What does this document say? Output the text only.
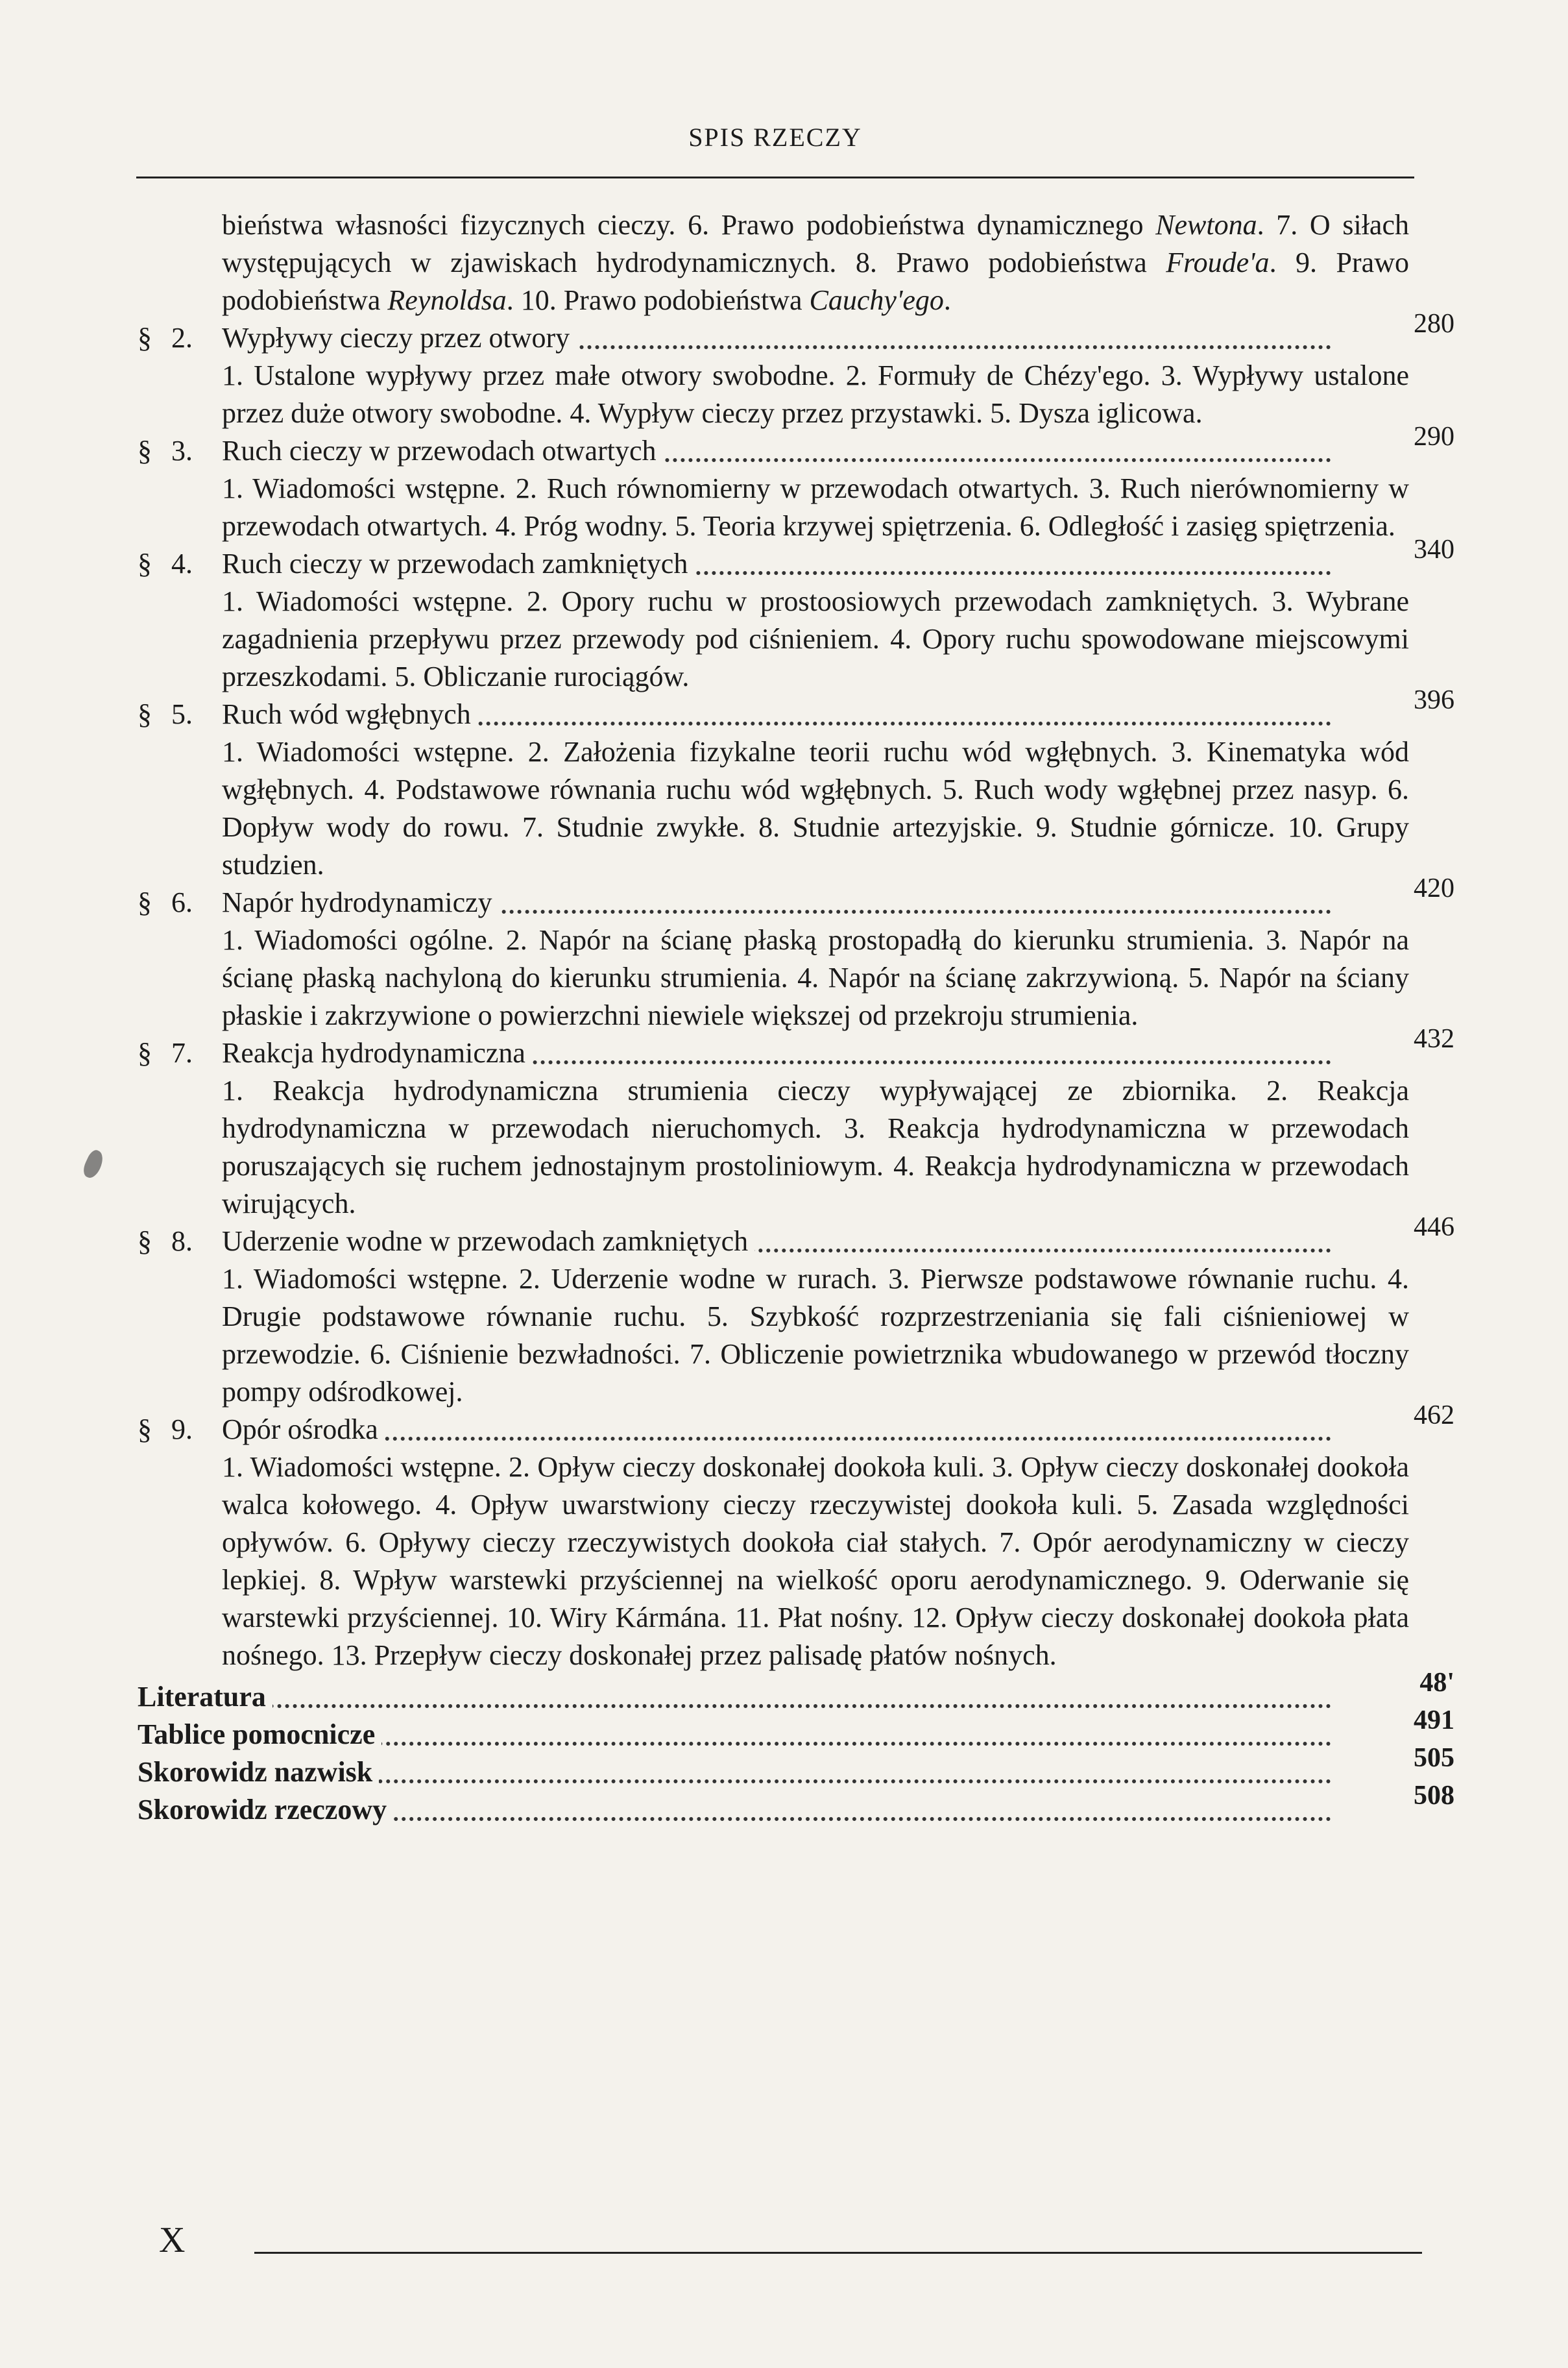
SPIS RZECZY
bieństwa własności fizycznych cieczy. 6. Prawo podobieństwa dynamicznego Newtona. 7. O siłach występujących w zjawiskach hydrodynamicznych. 8. Prawo podobieństwa Froude'a. 9. Prawo podobieństwa Reynoldsa. 10. Prawo podobieństwa Cauchy'ego.
§ 2. Wypływy cieczy przez otwory	280
1. Ustalone wypływy przez małe otwory swobodne. 2. Formuły de Chézy'ego. 3. Wypływy ustalone przez duże otwory swobodne. 4. Wypływ cieczy przez przystawki. 5. Dysza iglicowa.
§ 3. Ruch cieczy w przewodach otwartych	290
1. Wiadomości wstępne. 2. Ruch równomierny w przewodach otwartych. 3. Ruch nierównomierny w przewodach otwartych. 4. Próg wodny. 5. Teoria krzywej spiętrzenia. 6. Odległość i zasięg spiętrzenia.
§ 4. Ruch cieczy w przewodach zamkniętych	340
1. Wiadomości wstępne. 2. Opory ruchu w prostoosiowych przewodach zamkniętych. 3. Wybrane zagadnienia przepływu przez przewody pod ciśnieniem. 4. Opory ruchu spowodowane miejscowymi przeszkodami. 5. Obliczanie rurociągów.
§ 5. Ruch wód wgłębnych	396
1. Wiadomości wstępne. 2. Założenia fizykalne teorii ruchu wód wgłębnych. 3. Kinematyka wód wgłębnych. 4. Podstawowe równania ruchu wód wgłębnych. 5. Ruch wody wgłębnej przez nasyp. 6. Dopływ wody do rowu. 7. Studnie zwykłe. 8. Studnie artezyjskie. 9. Studnie górnicze. 10. Grupy studzien.
§ 6. Napór hydrodynamiczy	420
1. Wiadomości ogólne. 2. Napór na ścianę płaską prostopadłą do kierunku strumienia. 3. Napór na ścianę płaską nachyloną do kierunku strumienia. 4. Napór na ścianę zakrzywioną. 5. Napór na ściany płaskie i zakrzywione o powierzchni niewiele większej od przekroju strumienia.
§ 7. Reakcja hydrodynamiczna	432
1. Reakcja hydrodynamiczna strumienia cieczy wypływającej ze zbiornika. 2. Reakcja hydrodynamiczna w przewodach nieruchomych. 3. Reakcja hydrodynamiczna w przewodach poruszających się ruchem jednostajnym prostoliniowym. 4. Reakcja hydrodynamiczna w przewodach wirujących.
§ 8. Uderzenie wodne w przewodach zamkniętych	446
1. Wiadomości wstępne. 2. Uderzenie wodne w rurach. 3. Pierwsze podstawowe równanie ruchu. 4. Drugie podstawowe równanie ruchu. 5. Szybkość rozprzestrzeniania się fali ciśnieniowej w przewodzie. 6. Ciśnienie bezwładności. 7. Obliczenie powietrznika wbudowanego w przewód tłoczny pompy odśrodkowej.
§ 9. Opór ośrodka	462
1. Wiadomości wstępne. 2. Opływ cieczy doskonałej dookoła kuli. 3. Opływ cieczy doskonałej dookoła walca kołowego. 4. Opływ uwarstwiony cieczy rzeczywistej dookoła kuli. 5. Zasada względności opływów. 6. Opływy cieczy rzeczywistych dookoła ciał stałych. 7. Opór aerodynamiczny w cieczy lepkiej. 8. Wpływ warstewki przyściennej na wielkość oporu aerodynamicznego. 9. Oderwanie się warstewki przyściennej. 10. Wiry Kármána. 11. Płat nośny. 12. Opływ cieczy doskonałej dookoła płata nośnego. 13. Przepływ cieczy doskonałej przez palisadę płatów nośnych.
Literatura	48'
Tablice pomocnicze	491
Skorowidz nazwisk	505
Skorowidz rzeczowy	508
X
